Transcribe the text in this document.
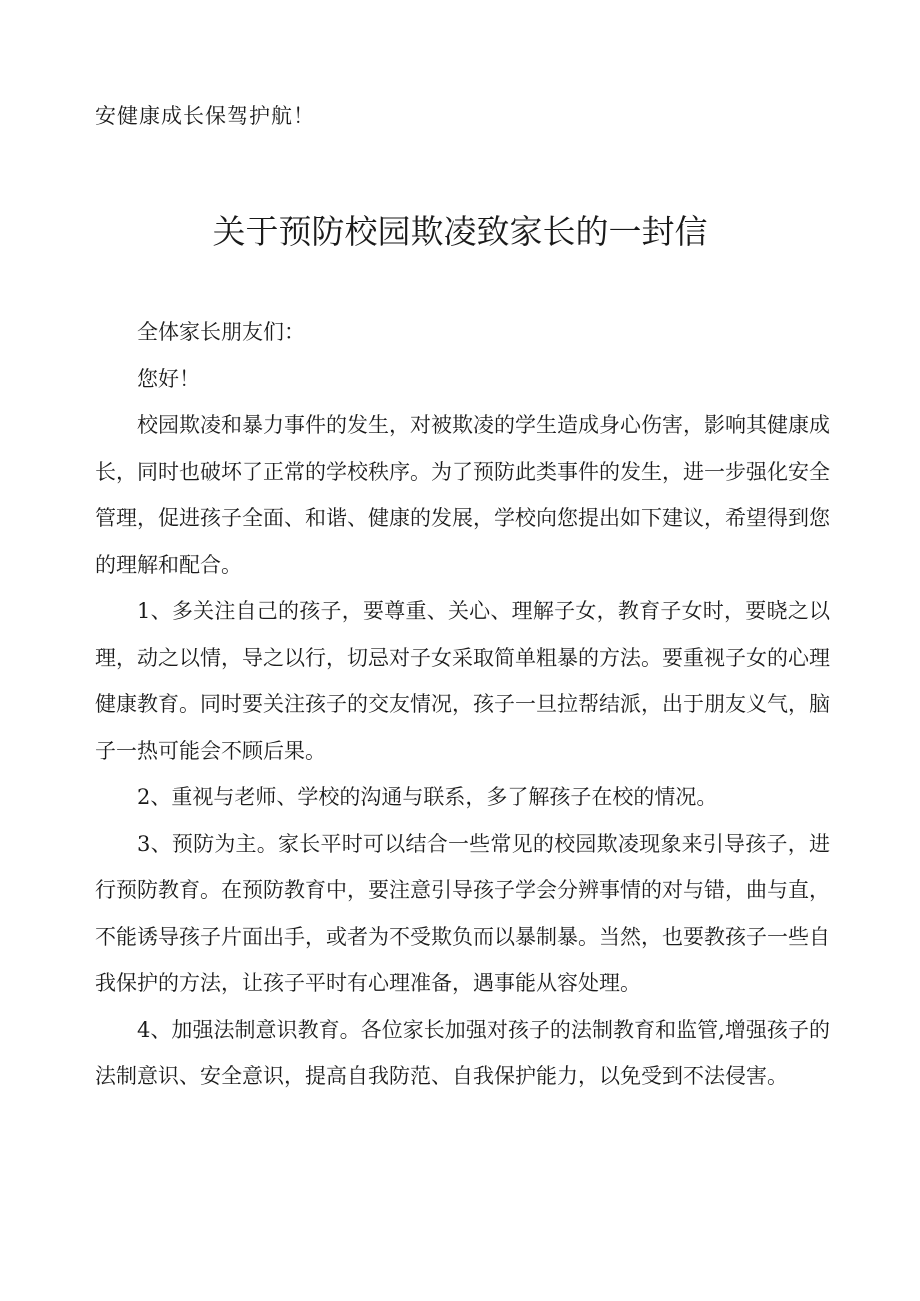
安健康成长保驾护航！

关于预防校园欺凌致家长的一封信

全体家长朋友们：

您好！

校园欺凌和暴力事件的发生，对被欺凌的学生造成身心伤害，影响其健康成长，同时也破坏了正常的学校秩序。为了预防此类事件的发生，进一步强化安全管理，促进孩子全面、和谐、健康的发展，学校向您提出如下建议，希望得到您的理解和配合。

1、多关注自己的孩子，要尊重、关心、理解子女，教育子女时，要晓之以理，动之以情，导之以行，切忌对子女采取简单粗暴的方法。要重视子女的心理健康教育。同时要关注孩子的交友情况，孩子一旦拉帮结派，出于朋友义气，脑子一热可能会不顾后果。

2、重视与老师、学校的沟通与联系，多了解孩子在校的情况。

3、预防为主。家长平时可以结合一些常见的校园欺凌现象来引导孩子，进行预防教育。在预防教育中，要注意引导孩子学会分辨事情的对与错，曲与直，不能诱导孩子片面出手，或者为不受欺负而以暴制暴。当然，也要教孩子一些自我保护的方法，让孩子平时有心理准备，遇事能从容处理。

4、加强法制意识教育。各位家长加强对孩子的法制教育和监管,增强孩子的法制意识、安全意识，提高自我防范、自我保护能力，以免受到不法侵害。
